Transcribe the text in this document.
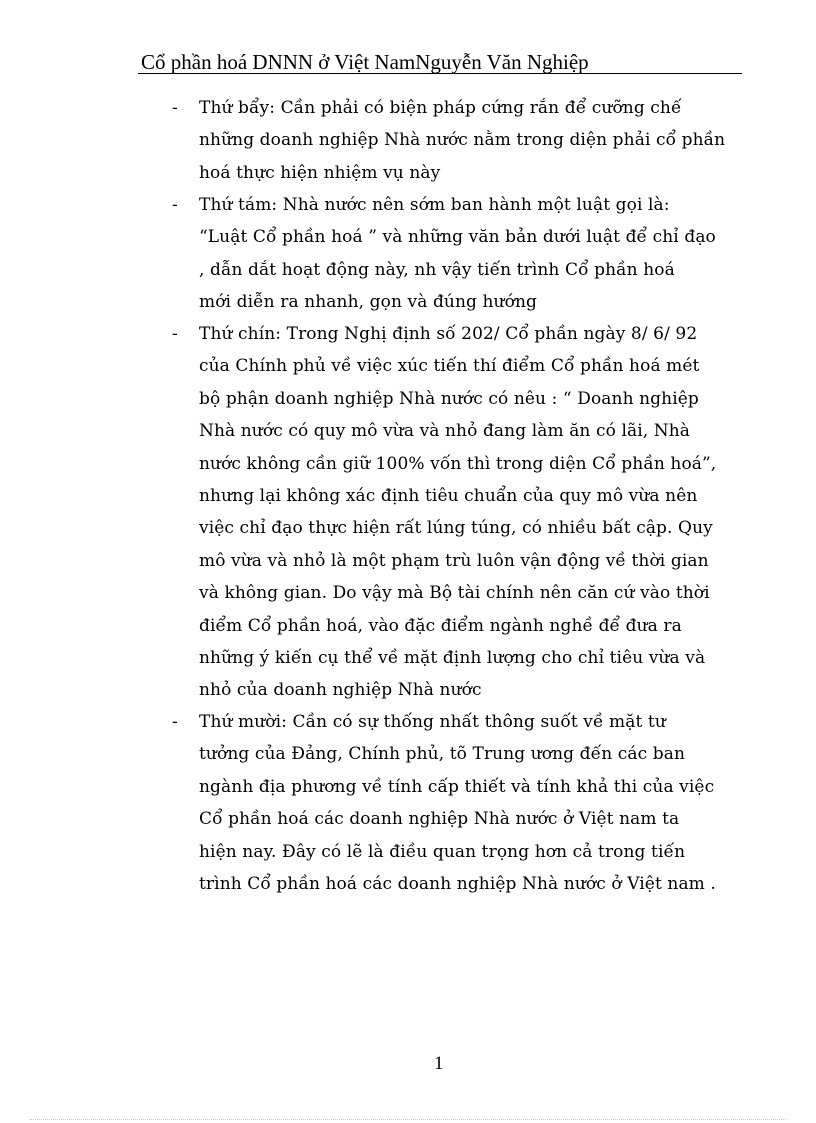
Cổ phần hoá DNNN ở Việt NamNguyễn Văn Nghiệp
- Thứ bẩy: Cần phải có biện pháp cứng rắn để cưỡng chế
những doanh nghiệp Nhà nước nằm trong diện phải cổ phần
hoá thực hiện nhiệm vụ này
- Thứ tám: Nhà nước nên sớm ban hành một luật gọi là:
“Luật Cổ phần hoá ” và những văn bản dưới luật để chỉ đạo
, dẫn dắt hoạt động này, nh vậy tiến trình Cổ phần hoá
mới diễn ra nhanh, gọn và đúng hướng
- Thứ chín: Trong Nghị định số 202/ Cổ phần ngày 8/ 6/ 92
của Chính phủ về việc xúc tiến thí điểm Cổ phần hoá mét
bộ phận doanh nghiệp Nhà nước có nêu : “ Doanh nghiệp
Nhà nước có quy mô vừa và nhỏ đang làm ăn có lãi, Nhà
nước không cần giữ 100% vốn thì trong diện Cổ phần hoá”,
nhưng lại không xác định tiêu chuẩn của quy mô vừa nên
việc chỉ đạo thực hiện rất lúng túng, có nhiều bất cập. Quy
mô vừa và nhỏ là một phạm trù luôn vận động về thời gian
và không gian. Do vậy mà Bộ tài chính nên căn cứ vào thời
điểm Cổ phần hoá, vào đặc điểm ngành nghề để đưa ra
những ý kiến cụ thể về mặt định lượng cho chỉ tiêu vừa và
nhỏ của doanh nghiệp Nhà nước
- Thứ mười: Cần có sự thống nhất thông suốt về mặt tư
tưởng của Đảng, Chính phủ, tõ Trung ương đến các ban
ngành địa phương về tính cấp thiết và tính khả thi của việc
Cổ phần hoá các doanh nghiệp Nhà nước ở Việt nam ta
hiện nay. Đây có lẽ là điều quan trọng hơn cả trong tiến
trình Cổ phần hoá các doanh nghiệp Nhà nước ở Việt nam .
1
